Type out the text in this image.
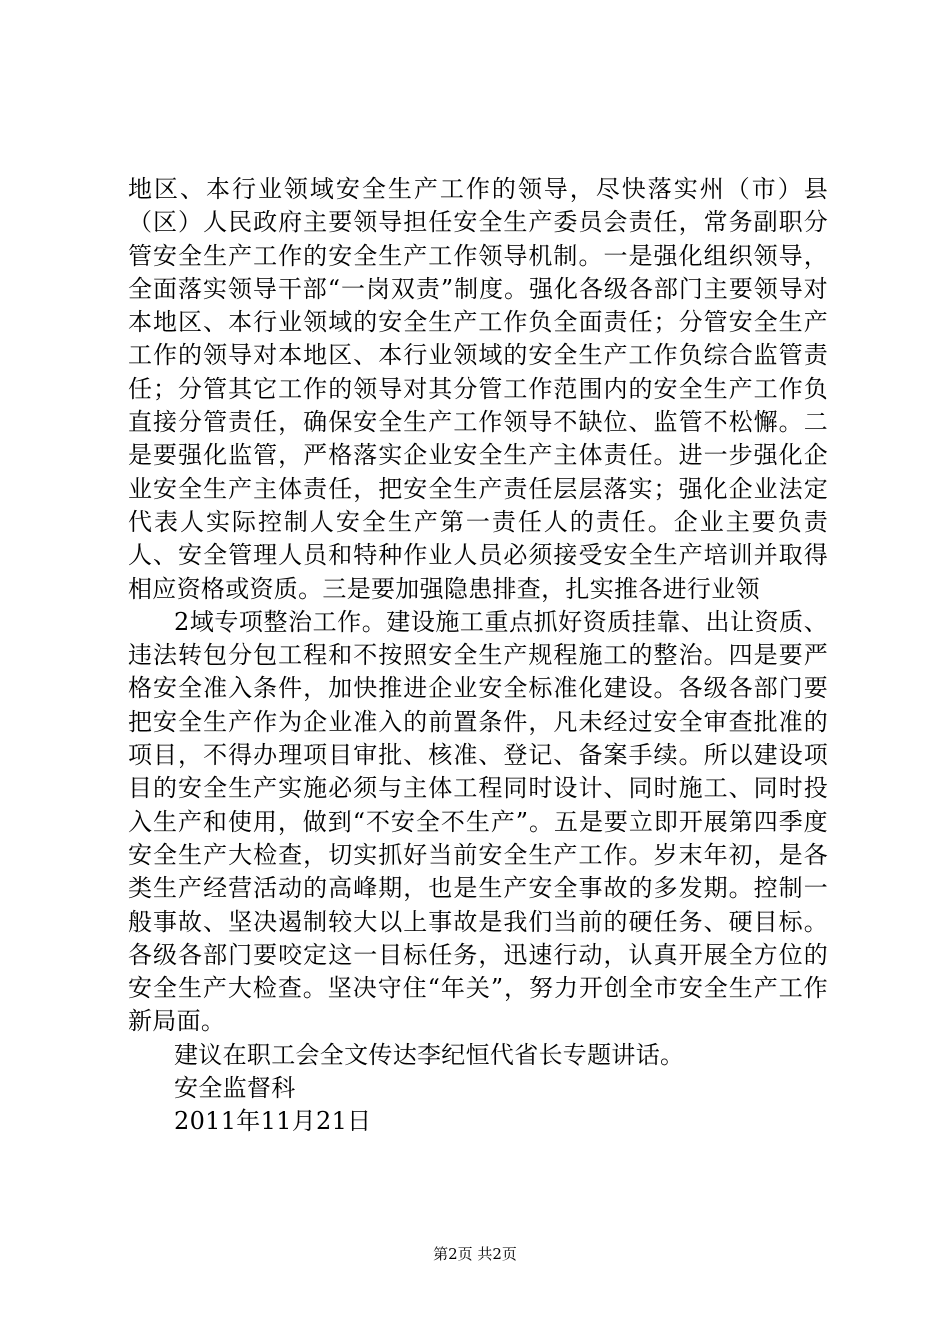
地区、本行业领域安全生产工作的领导，尽快落实州（市）县（区）人民政府主要领导担任安全生产委员会责任，常务副职分管安全生产工作的安全生产工作领导机制。一是强化组织领导，全面落实领导干部“一岗双责”制度。强化各级各部门主要领导对本地区、本行业领域的安全生产工作负全面责任；分管安全生产工作的领导对本地区、本行业领域的安全生产工作负综合监管责任；分管其它工作的领导对其分管工作范围内的安全生产工作负直接分管责任，确保安全生产工作领导不缺位、监管不松懈。二是要强化监管，严格落实企业安全生产主体责任。进一步强化企业安全生产主体责任，把安全生产责任层层落实；强化企业法定代表人实际控制人安全生产第一责任人的责任。企业主要负责人、安全管理人员和特种作业人员必须接受安全生产培训并取得相应资格或资质。三是要加强隐患排查，扎实推各进行业领

2域专项整治工作。建设施工重点抓好资质挂靠、出让资质、违法转包分包工程和不按照安全生产规程施工的整治。四是要严格安全准入条件，加快推进企业安全标准化建设。各级各部门要把安全生产作为企业准入的前置条件，凡未经过安全审查批准的项目，不得办理项目审批、核准、登记、备案手续。所以建设项目的安全生产实施必须与主体工程同时设计、同时施工、同时投入生产和使用，做到“不安全不生产”。五是要立即开展第四季度安全生产大检查，切实抓好当前安全生产工作。岁末年初，是各类生产经营活动的高峰期，也是生产安全事故的多发期。控制一般事故、坚决遏制较大以上事故是我们当前的硬任务、硬目标。各级各部门要咬定这一目标任务，迅速行动，认真开展全方位的安全生产大检查。坚决守住“年关”，努力开创全市安全生产工作新局面。

建议在职工会全文传达李纪恒代省长专题讲话。

安全监督科

2011年11月21日

第2页 共2页
